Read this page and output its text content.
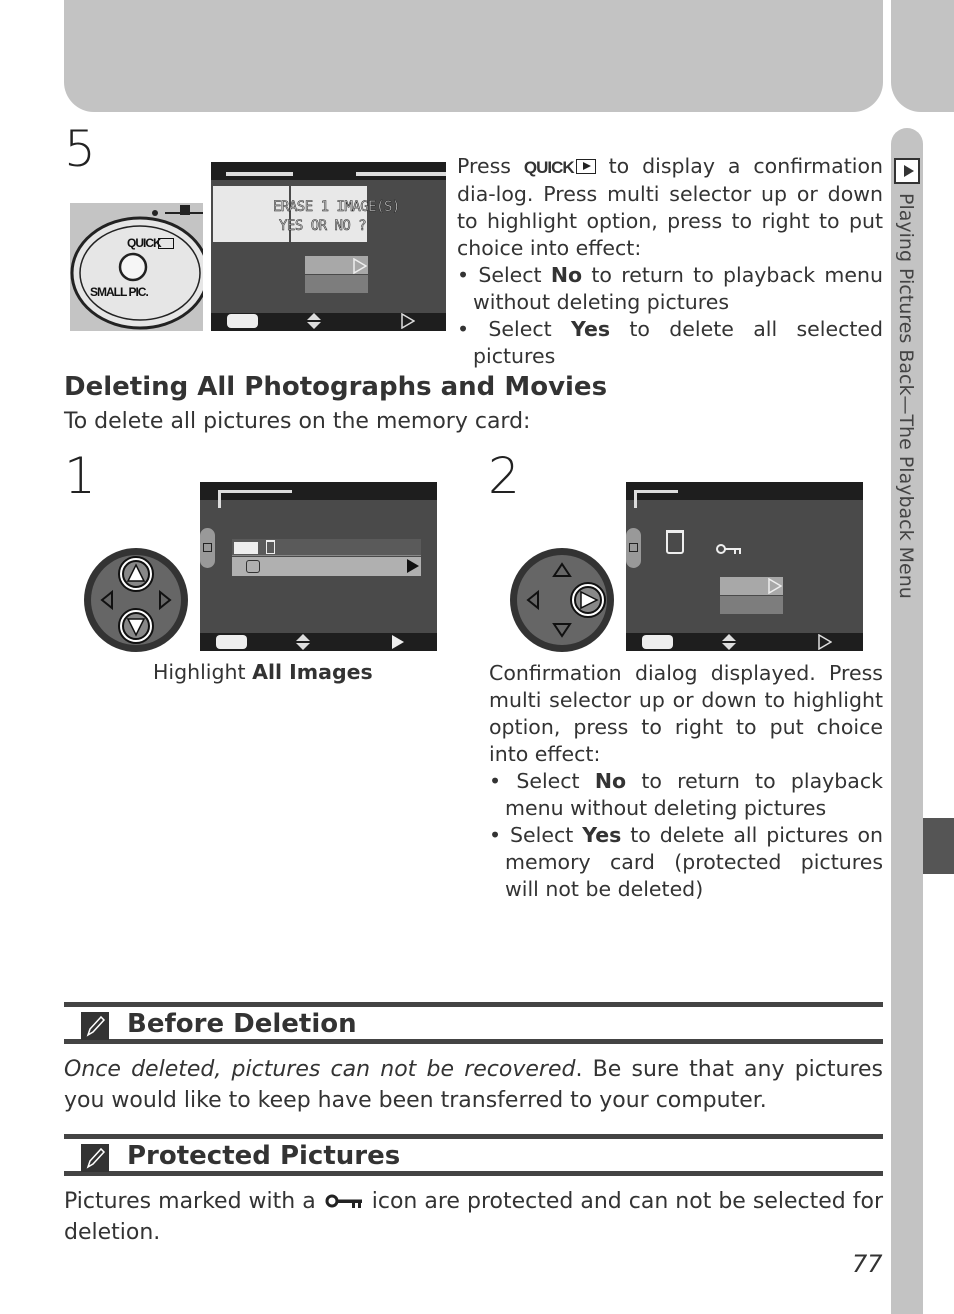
Playing Pictures Back—The Playback Menu
5
QUICK
SMALL PIC.
ERASE 1 IMAGE(S)
YES OR NO ?
Press QUICK to display a confirmation dia-log. Press multi selector up or down to highlight option, press to right to put choice into effect:
• Select No to return to playback menu without deleting pictures
• Select Yes to delete all selected pictures
Deleting All Photographs and Movies
To delete all pictures on the memory card:
1
Highlight All Images
2
Confirmation dialog displayed. Press multi selector up or down to highlight option, press to right to put choice into effect:
• Select No to return to playback menu without deleting pictures
• Select Yes to delete all pictures on memory card (protected pictures will not be deleted)
Before Deletion
Once deleted, pictures can not be recovered. Be sure that any pictures you would like to keep have been transferred to your computer.
Protected Pictures
Pictures marked with a	icon are protected and can not be selected for deletion.
77
